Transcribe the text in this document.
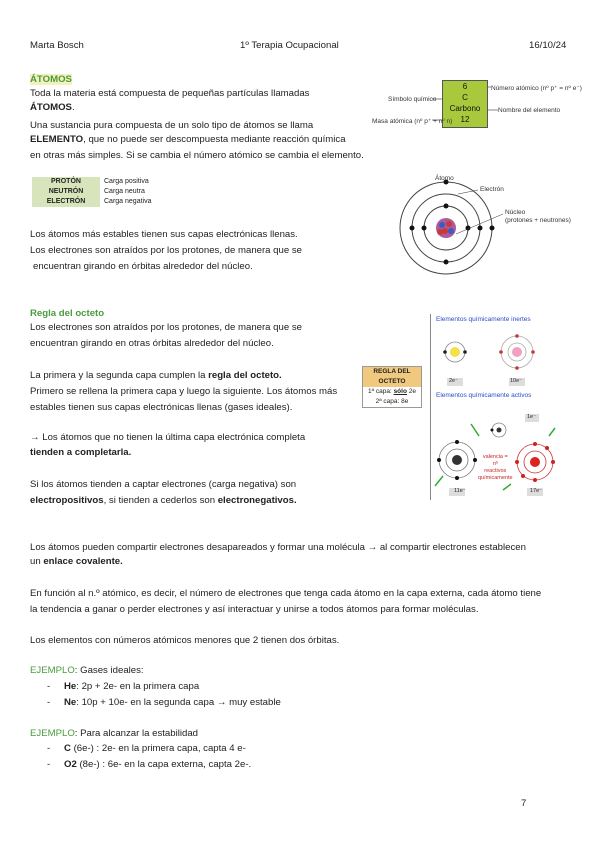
Marta Bosch	1º Terapia Ocupacional	16/10/24
ÁTOMOS
Toda la materia está compuesta de pequeñas partículas llamadas
ÁTOMOS.
Una sustancia pura compuesta de un solo tipo de átomos se llama
ELEMENTO, que no puede ser descompuesta mediante reacción química
en otras más simples. Si se cambia el número atómico se cambia el elemento.
6
C
Carbono
12
Símbolo químico
Número atómico (nº p⁺ = nº e⁻)
Nombre del elemento
Masa atómica (nº p⁺ + nº n)
PROTÓN	Carga positiva
NEUTRÓN	Carga neutra
ELECTRÓN	Carga negativa
Átomo
Electrón
Núcleo
(protones + neutrones)
Los átomos más estables tienen sus capas electrónicas llenas.
Los electrones son atraídos por los protones, de manera que se
encuentran girando en órbitas alrededor del núcleo.
Regla del octeto
Los electrones son atraídos por los protones, de manera que se
encuentran girando en otras órbitas alrededor del núcleo.
La primera y la segunda capa cumplen la regla del octeto.
Primero se rellena la primera capa y luego la siguiente. Los átomos más
estables tienen sus capas electrónicas llenas (gases ideales).
→ Los átomos que no tienen la última capa electrónica completa
tienden a completarla.
Si los átomos tienden a captar electrones (carga negativa) son
electropositivos, si tienden a cederlos son electronegativos.
REGLA DEL
OCTETO
1ª capa: sólo 2e
2ª capa: 8e
Elementos químicamente inertes
Elementos químicamente activos
2e⁻	10e⁻
1e⁻
11e⁻	17e⁻
valencia =
nº
reactivos
químicamente
Los átomos pueden compartir electrones desapareados y formar una molécula → al compartir electrones establecen
un enlace covalente.
En función al n.º atómico, es decir, el número de electrones que tenga cada átomo en la capa externa, cada átomo tiene
la tendencia a ganar o perder electrones y así interactuar y unirse a todos átomos para formar moléculas.
Los elementos con números atómicos menores que 2 tienen dos órbitas.
EJEMPLO: Gases ideales:
- He: 2p + 2e- en la primera capa
- Ne: 10p + 10e- en la segunda capa → muy estable
EJEMPLO: Para alcanzar la estabilidad
- C (6e-) : 2e- en la primera capa, capta 4 e-
- O2 (8e-) : 6e- en la capa externa, capta 2e-.
7
